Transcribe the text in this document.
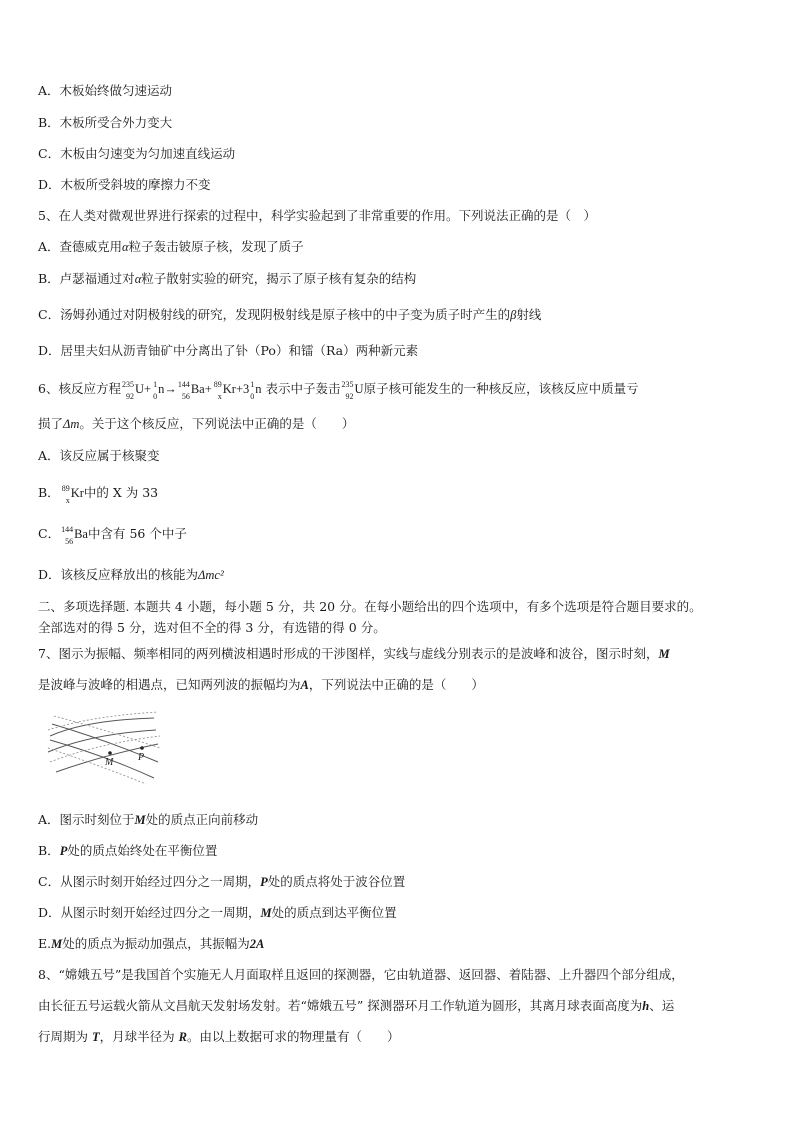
A．木板始终做匀速运动
B．木板所受合外力变大
C．木板由匀速变为匀加速直线运动
D．木板所受斜坡的摩擦力不变
5、在人类对微观世界进行探索的过程中，科学实验起到了非常重要的作用。下列说法正确的是（　）
A．查德威克用α粒子轰击铍原子核，发现了质子
B．卢瑟福通过对α粒子散射实验的研究，揭示了原子核有复杂的结构
C．汤姆孙通过对阴极射线的研究，发现阴极射线是原子核中的中子变为质子时产生的β射线
D．居里夫妇从沥青铀矿中分离出了钋（Po）和镭（Ra）两种新元素
6、核反应方程 235
92 U+ 1
0 n→ 144
56 Ba+ 89
x Kr+3 1
0 n 表示中子轰击 235
92 U原子核可能发生的一种核反应，该核反应中质量亏
损了Δm。关于这个核反应，下列说法中正确的是（　　）
A．该反应属于核聚变
B． 89
x Kr中的 X 为 33
C． 144
56 Ba中含有 56 个中子
D．该核反应释放出的核能为Δmc²
二、多项选择题. 本题共 4 小题，每小题 5 分，共 20 分。在每小题给出的四个选项中，有多个选项是符合题目要求的。
全部选对的得 5 分，选对但不全的得 3 分，有选错的得 0 分。
7、图示为振幅、频率相同的两列横波相遇时形成的干涉图样，实线与虚线分别表示的是波峰和波谷，图示时刻，M
是波峰与波峰的相遇点，已知两列波的振幅均为A，下列说法中正确的是（　　）
M P
A．图示时刻位于M处的质点正向前移动
B．P处的质点始终处在平衡位置
C．从图示时刻开始经过四分之一周期，P处的质点将处于波谷位置
D．从图示时刻开始经过四分之一周期，M处的质点到达平衡位置
E.M处的质点为振动加强点，其振幅为2A
8、“嫦娥五号”是我国首个实施无人月面取样且返回的探测器，它由轨道器、返回器、着陆器、上升器四个部分组成，
由长征五号运载火箭从文昌航天发射场发射。若“嫦娥五号” 探测器环月工作轨道为圆形，其离月球表面高度为h、运
行周期为 T，月球半径为 R。由以上数据可求的物理量有（　　）
